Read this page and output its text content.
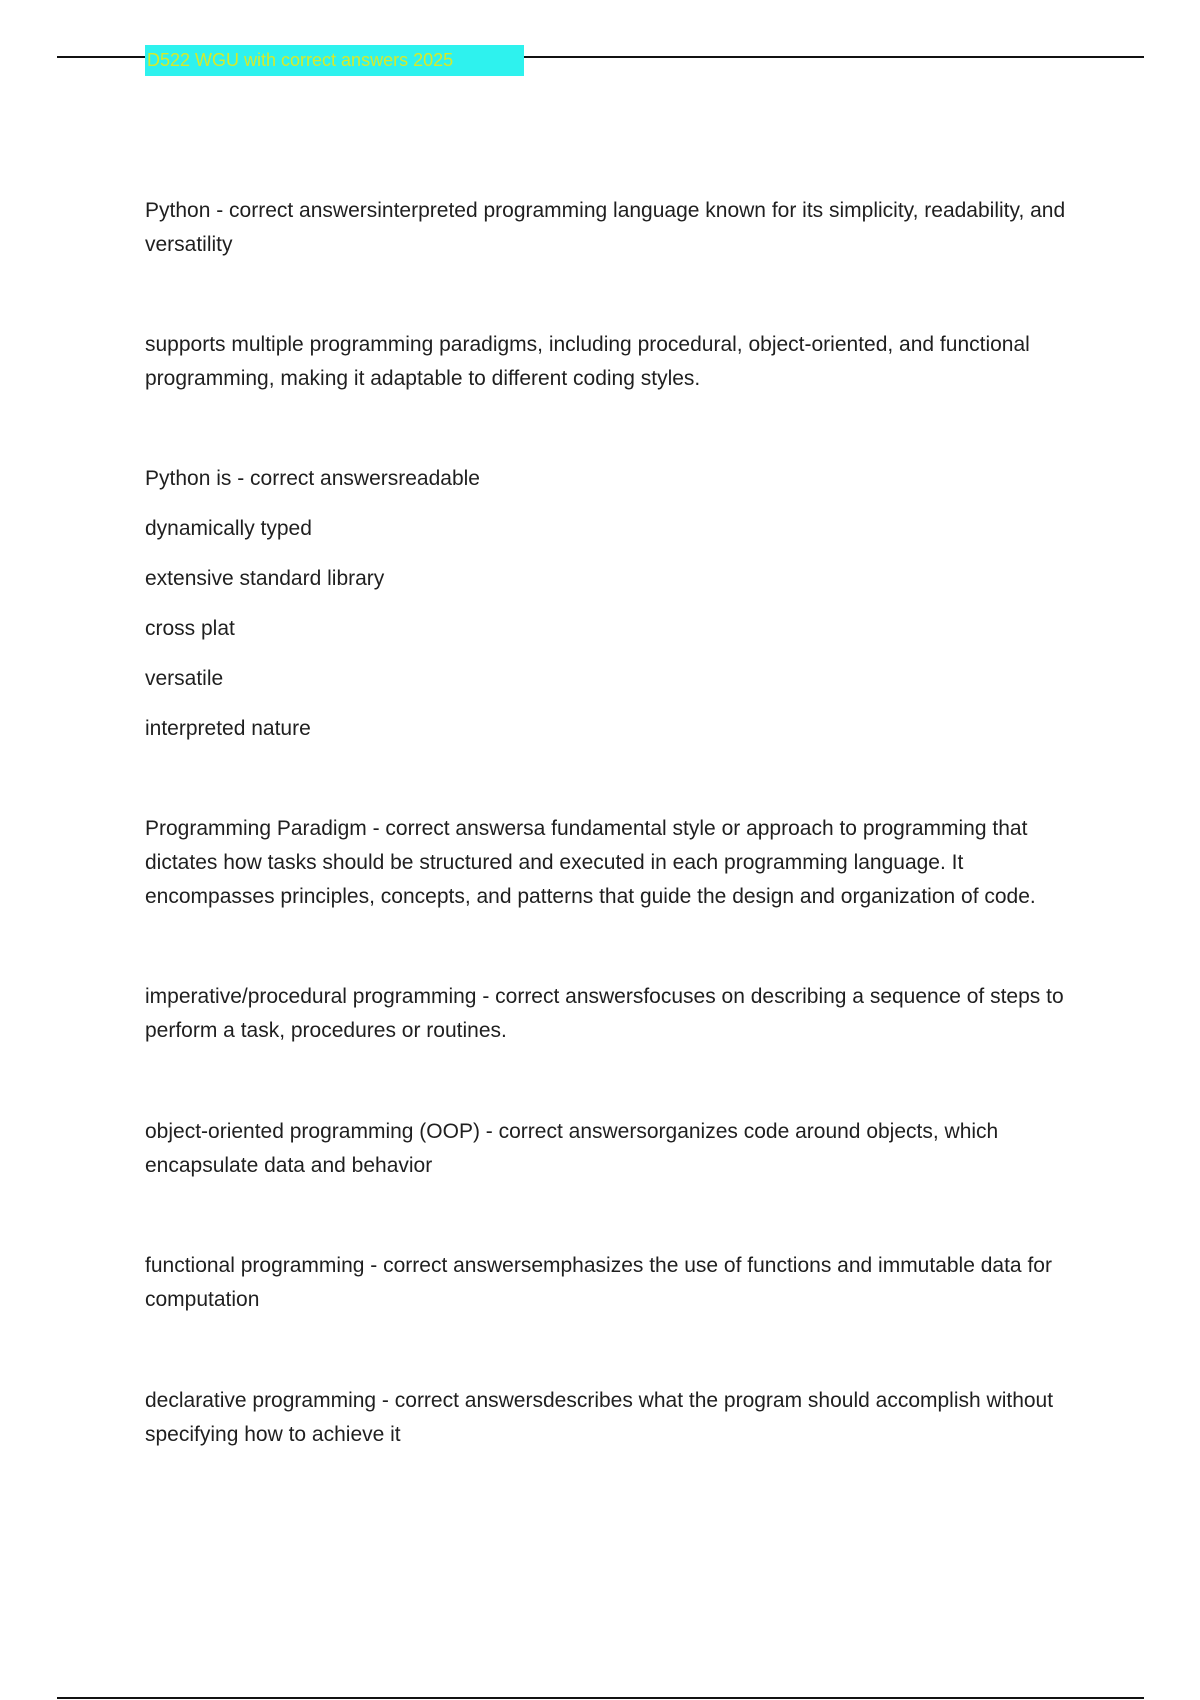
D522 WGU with correct answers 2025

Python - correct answersinterpreted programming language known for its simplicity, readability, and versatility

supports multiple programming paradigms, including procedural, object-oriented, and functional programming, making it adaptable to different coding styles.

Python is - correct answersreadable

dynamically typed

extensive standard library

cross plat

versatile

interpreted nature

Programming Paradigm - correct answersa fundamental style or approach to programming that dictates how tasks should be structured and executed in each programming language. It encompasses principles, concepts, and patterns that guide the design and organization of code.

imperative/procedural programming - correct answersfocuses on describing a sequence of steps to perform a task, procedures or routines.

object-oriented programming (OOP) - correct answersorganizes code around objects, which encapsulate data and behavior

functional programming - correct answersemphasizes the use of functions and immutable data for computation

declarative programming - correct answersdescribes what the program should accomplish without specifying how to achieve it
